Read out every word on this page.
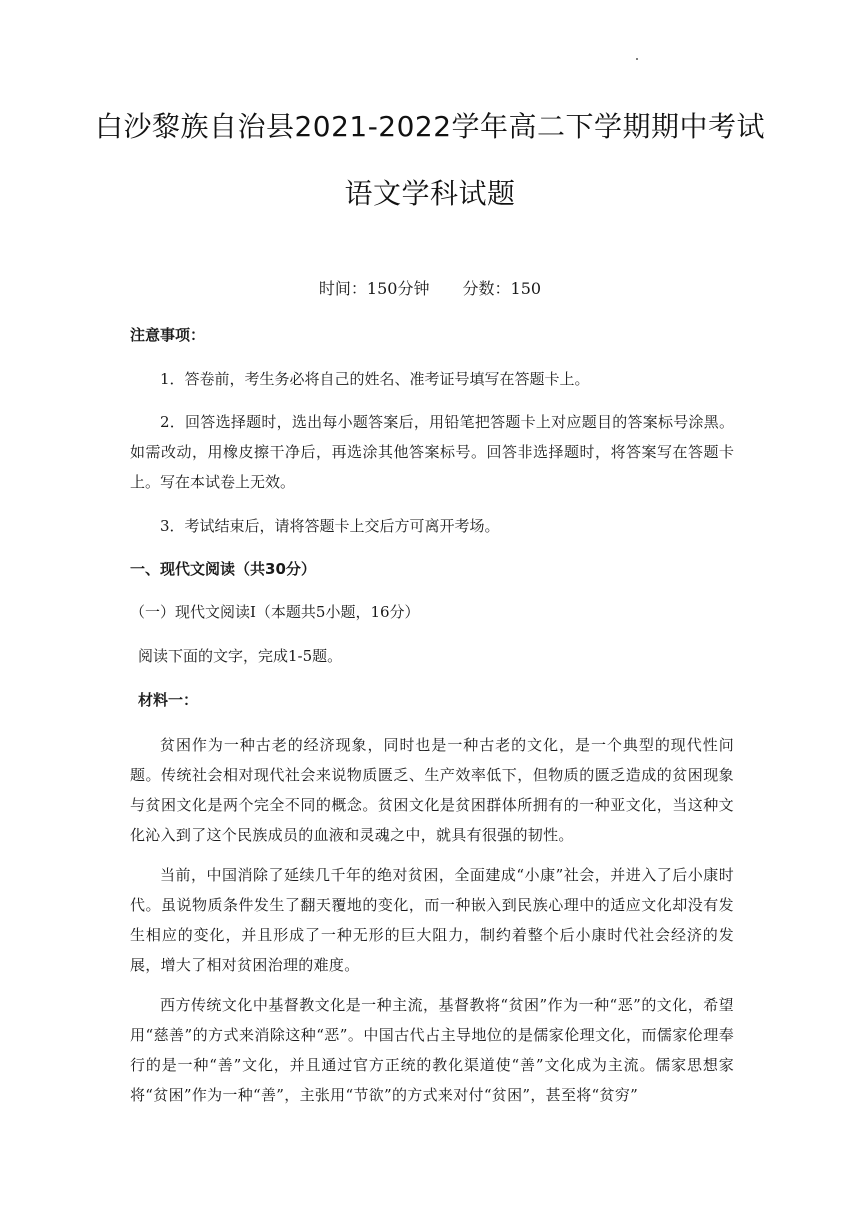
白沙黎族自治县2021-2022学年高二下学期期中考试
语文学科试题
时间：150分钟 分数：150
注意事项：
1．答卷前，考生务必将自己的姓名、准考证号填写在答题卡上。
2．回答选择题时，选出每小题答案后，用铅笔把答题卡上对应题目的答案标号涂黑。如需改动，用橡皮擦干净后，再选涂其他答案标号。回答非选择题时，将答案写在答题卡上。写在本试卷上无效。
3．考试结束后，请将答题卡上交后方可离开考场。
一、现代文阅读（共30分）
（一）现代文阅读Ⅰ（本题共5小题，16分）
阅读下面的文字，完成1-5题。
材料一：
贫困作为一种古老的经济现象，同时也是一种古老的文化，是一个典型的现代性问题。传统社会相对现代社会来说物质匮乏、生产效率低下，但物质的匮乏造成的贫困现象与贫困文化是两个完全不同的概念。贫困文化是贫困群体所拥有的一种亚文化，当这种文化沁入到了这个民族成员的血液和灵魂之中，就具有很强的韧性。
当前，中国消除了延续几千年的绝对贫困，全面建成“小康”社会，并进入了后小康时代。虽说物质条件发生了翻天覆地的变化，而一种嵌入到民族心理中的适应文化却没有发生相应的变化，并且形成了一种无形的巨大阻力，制约着整个后小康时代社会经济的发展，增大了相对贫困治理的难度。
西方传统文化中基督教文化是一种主流，基督教将“贫困”作为一种“恶”的文化，希望用“慈善”的方式来消除这种“恶”。中国古代占主导地位的是儒家伦理文化，而儒家伦理奉行的是一种“善”文化，并且通过官方正统的教化渠道使“善”文化成为主流。儒家思想家将“贫困”作为一种“善”，主张用“节欲”的方式来对付“贫困”，甚至将“贫穷”
